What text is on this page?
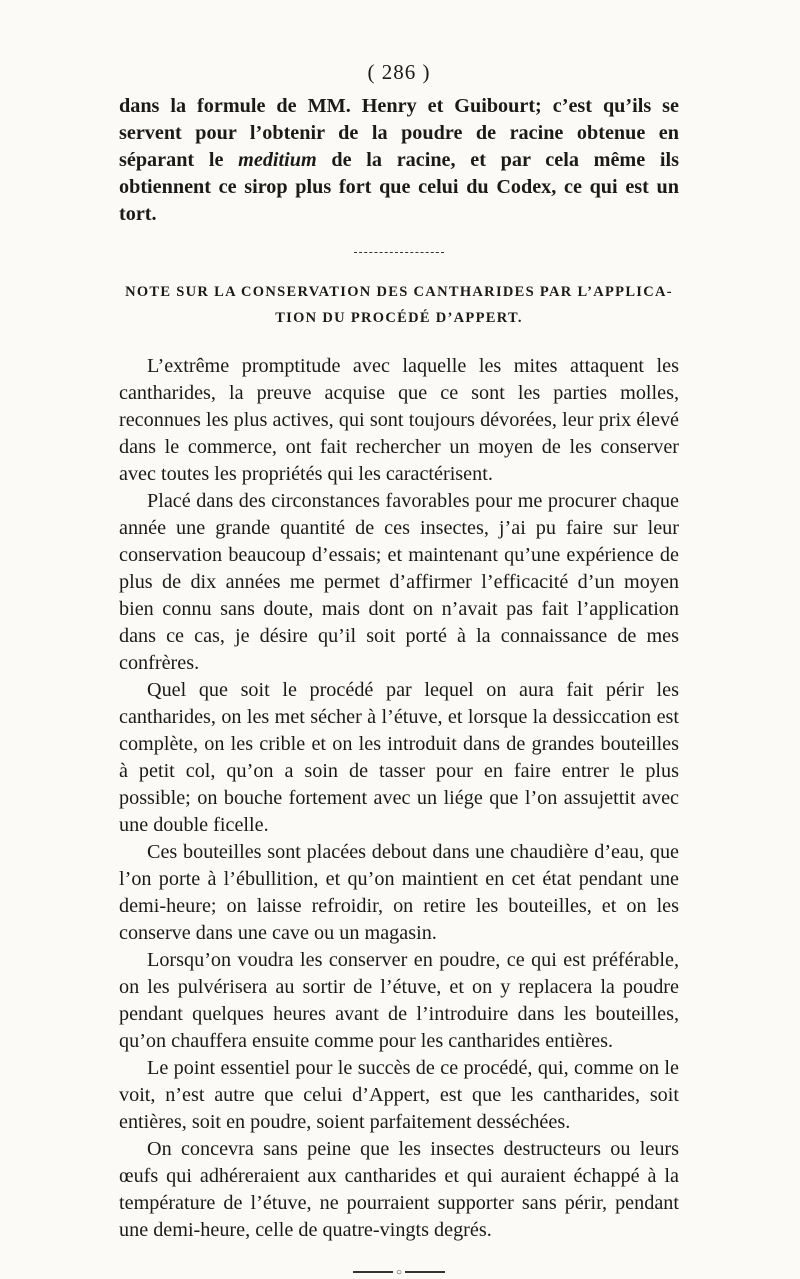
( 286 )

dans la formule de MM. Henry et Guibourt; c’est qu’ils se servent pour l’obtenir de la poudre de racine obtenue en séparant le meditium de la racine, et par cela même ils obtiennent ce sirop plus fort que celui du Codex, ce qui est un tort.

NOTE SUR LA CONSERVATION DES CANTHARIDES PAR L’APPLICA-
TION DU PROCÉDÉ D’APPERT.

L’extrême promptitude avec laquelle les mites attaquent les cantharides, la preuve acquise que ce sont les parties molles, reconnues les plus actives, qui sont toujours dévorées, leur prix élevé dans le commerce, ont fait rechercher un moyen de les conserver avec toutes les propriétés qui les caractérisent.

Placé dans des circonstances favorables pour me procurer chaque année une grande quantité de ces insectes, j’ai pu faire sur leur conservation beaucoup d’essais; et maintenant qu’une expérience de plus de dix années me permet d’affirmer l’efficacité d’un moyen bien connu sans doute, mais dont on n’avait pas fait l’application dans ce cas, je désire qu’il soit porté à la connaissance de mes confrères.

Quel que soit le procédé par lequel on aura fait périr les cantharides, on les met sécher à l’étuve, et lorsque la dessiccation est complète, on les crible et on les introduit dans de grandes bouteilles à petit col, qu’on a soin de tasser pour en faire entrer le plus possible; on bouche fortement avec un liége que l’on assujettit avec une double ficelle.

Ces bouteilles sont placées debout dans une chaudière d’eau, que l’on porte à l’ébullition, et qu’on maintient en cet état pendant une demi-heure; on laisse refroidir, on retire les bouteilles, et on les conserve dans une cave ou un magasin.

Lorsqu’on voudra les conserver en poudre, ce qui est préférable, on les pulvérisera au sortir de l’étuve, et on y replacera la poudre pendant quelques heures avant de l’introduire dans les bouteilles, qu’on chauffera ensuite comme pour les cantharides entières.

Le point essentiel pour le succès de ce procédé, qui, comme on le voit, n’est autre que celui d’Appert, est que les cantharides, soit entières, soit en poudre, soient parfaitement desséchées.

On concevra sans peine que les insectes destructeurs ou leurs œufs qui adhéreraient aux cantharides et qui auraient échappé à la température de l’étuve, ne pourraient supporter sans périr, pendant une demi-heure, celle de quatre-vingts degrés.

○
